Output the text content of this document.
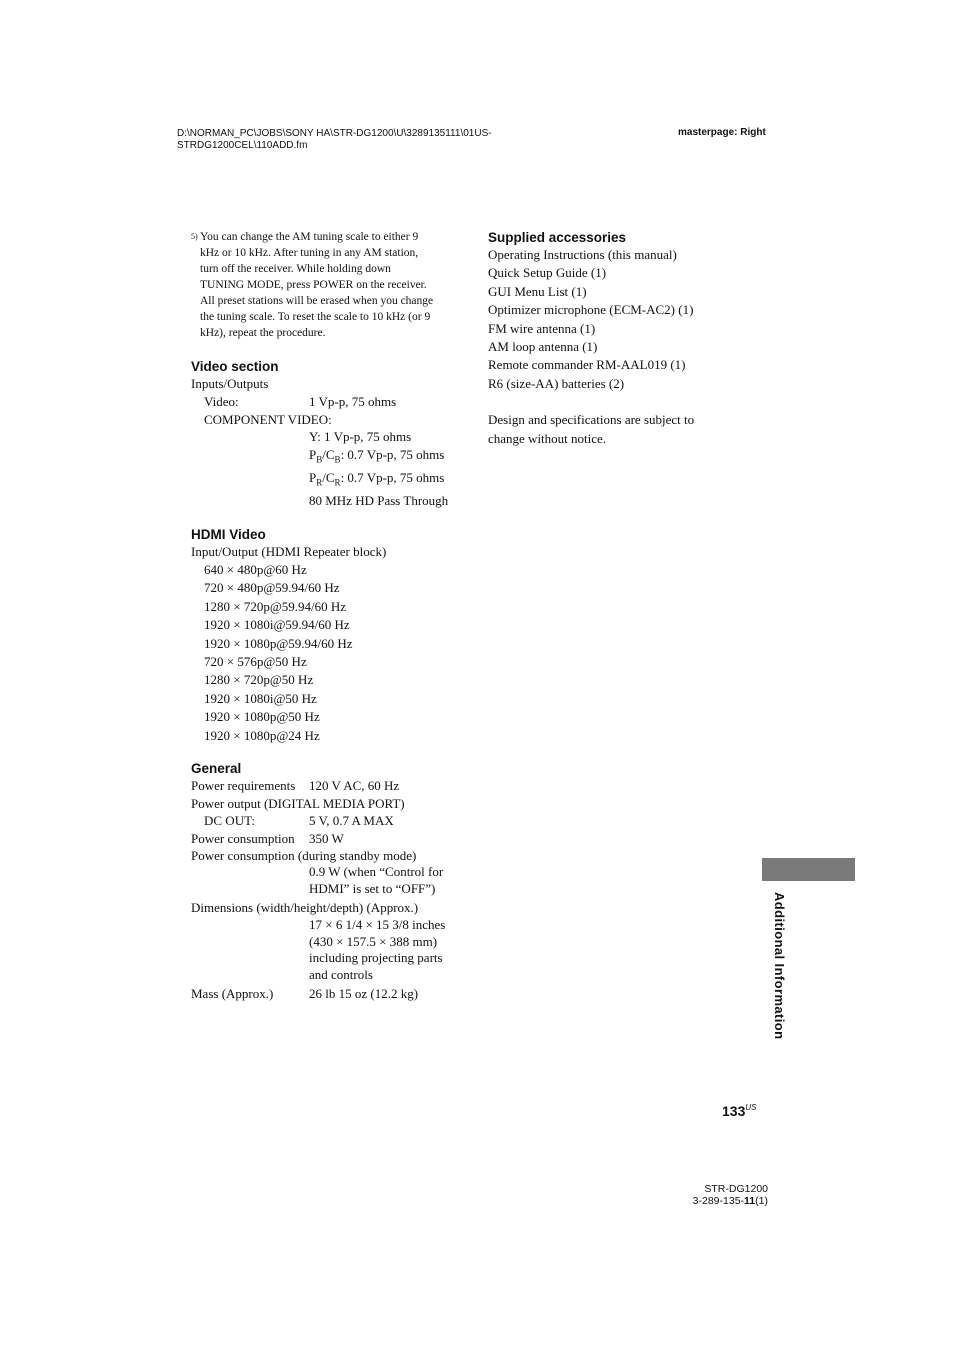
D:\NORMAN_PC\JOBS\SONY HA\STR-DG1200\U\3289135111\01US-
STRDG1200CEL\110ADD.fm
masterpage: Right
5) You can change the AM tuning scale to either 9
kHz or 10 kHz. After tuning in any AM station,
turn off the receiver. While holding down
TUNING MODE, press POWER on the receiver.
All preset stations will be erased when you change
the tuning scale. To reset the scale to 10 kHz (or 9
kHz), repeat the procedure.
Video section
Inputs/Outputs
Video:	1 Vp-p, 75 ohms
COMPONENT VIDEO:
Y: 1 Vp-p, 75 ohms
$P_B/C_B$: 0.7 Vp-p, 75 ohms
$P_R/C_R$: 0.7 Vp-p, 75 ohms
80 MHz HD Pass Through
HDMI Video
Input/Output (HDMI Repeater block)
640 × 480p@60 Hz
720 × 480p@59.94/60 Hz
1280 × 720p@59.94/60 Hz
1920 × 1080i@59.94/60 Hz
1920 × 1080p@59.94/60 Hz
720 × 576p@50 Hz
1280 × 720p@50 Hz
1920 × 1080i@50 Hz
1920 × 1080p@50 Hz
1920 × 1080p@24 Hz
General
Power requirements	120 V AC, 60 Hz
Power output (DIGITAL MEDIA PORT)
DC OUT:	5 V, 0.7 A MAX
Power consumption	350 W
Power consumption (during standby mode)
0.9 W (when “Control for
HDMI” is set to “OFF”)
Dimensions (width/height/depth) (Approx.)
17 × 6 1/4 × 15 3/8 inches
(430 × 157.5 × 388 mm)
including projecting parts
and controls
Mass (Approx.)	26 lb 15 oz (12.2 kg)
Supplied accessories
Operating Instructions (this manual)
Quick Setup Guide (1)
GUI Menu List (1)
Optimizer microphone (ECM-AC2) (1)
FM wire antenna (1)
AM loop antenna (1)
Remote commander RM-AAL019 (1)
R6 (size-AA) batteries (2)
Design and specifications are subject to
change without notice.
Additional Information
$133^{US}$
STR-DG1200
3-289-135-11(1)
